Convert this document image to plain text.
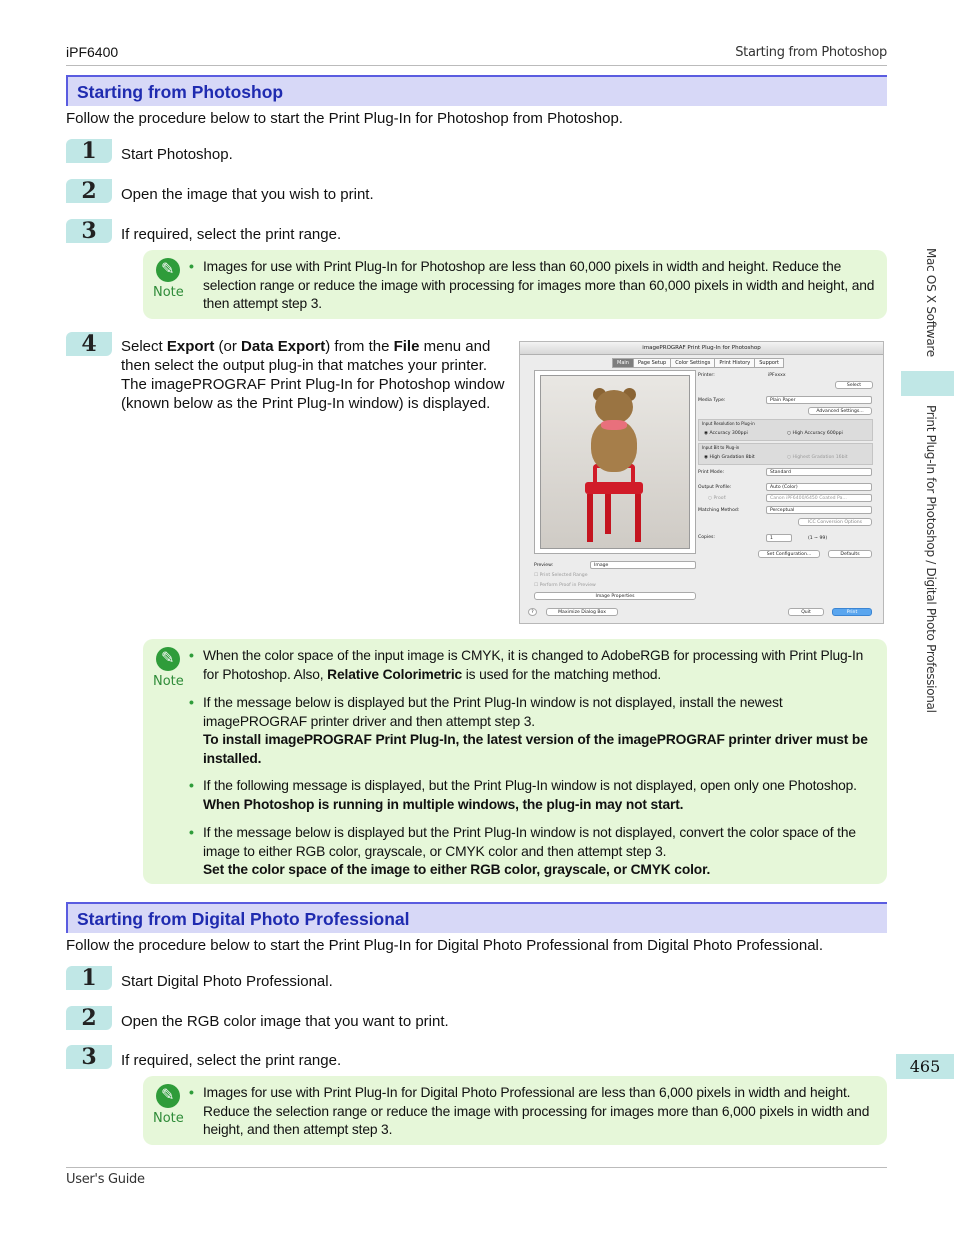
iPF6400	Starting from Photoshop
Starting from Photoshop
Follow the procedure below to start the Print Plug-In for Photoshop from Photoshop.
1	Start Photoshop.
2	Open the image that you wish to print.
3	If required, select the print range.
✎
Note
• Images for use with Print Plug-In for Photoshop are less than 60,000 pixels in width and height. Reduce the selection range or reduce the image with processing for images more than 60,000 pixels in width and height, and then attempt step 3.
4	Select Export (or Data Export) from the File menu and then select the output plug-in that matches your printer. The imagePROGRAF Print Plug-In for Photoshop window (known below as the Print Plug-In window) is displayed.
imagePROGRAF Print Plug-In for Photoshop
Main	Page Setup	Color Settings	Print History	Support
Printer:	iPFxxxx
Select
Media Type:	Plain Paper
Advanced Settings...
Input Resolution to Plug-in
◉ Accuracy 300ppi	○ High Accuracy 600ppi
Input Bit to Plug-in
◉ High Gradation 8bit	○ Highest Gradation 16bit
Print Mode:	Standard
Output Profile:	Auto (Color)
○ Proof:	Canon iPF6400/6450 Coated Pa...
Matching Method:	Perceptual
ICC Conversion Options
Copies:	1	(1 ~ 99)
Set Configuration...	Defaults
Preview:	Image
☐ Print Selected Range
☐ Perform Proof in Preview
Image Properties
?	Maximize Dialog Box	Quit	Print
✎
Note
• When the color space of the input image is CMYK, it is changed to AdobeRGB for processing with Print Plug-In for Photoshop. Also, Relative Colorimetric is used for the matching method.
• If the message below is displayed but the Print Plug-In window is not displayed, install the newest imagePROGRAF printer driver and then attempt step 3.
To install imagePROGRAF Print Plug-In, the latest version of the imagePROGRAF printer driver must be installed.
• If the following message is displayed, but the Print Plug-In window is not displayed, open only one Photoshop.
When Photoshop is running in multiple windows, the plug-in may not start.
• If the message below is displayed but the Print Plug-In window is not displayed, convert the color space of the image to either RGB color, grayscale, or CMYK color and then attempt step 3.
Set the color space of the image to either RGB color, grayscale, or CMYK color.
Starting from Digital Photo Professional
Follow the procedure below to start the Print Plug-In for Digital Photo Professional from Digital Photo Professional.
1	Start Digital Photo Professional.
2	Open the RGB color image that you want to print.
3	If required, select the print range.
✎
Note
• Images for use with Print Plug-In for Digital Photo Professional are less than 6,000 pixels in width and height. Reduce the selection range or reduce the image with processing for images more than 6,000 pixels in width and height, and then attempt step 3.
Mac OS X Software
Print Plug-In for Photoshop / Digital Photo Professional
465
User's Guide
